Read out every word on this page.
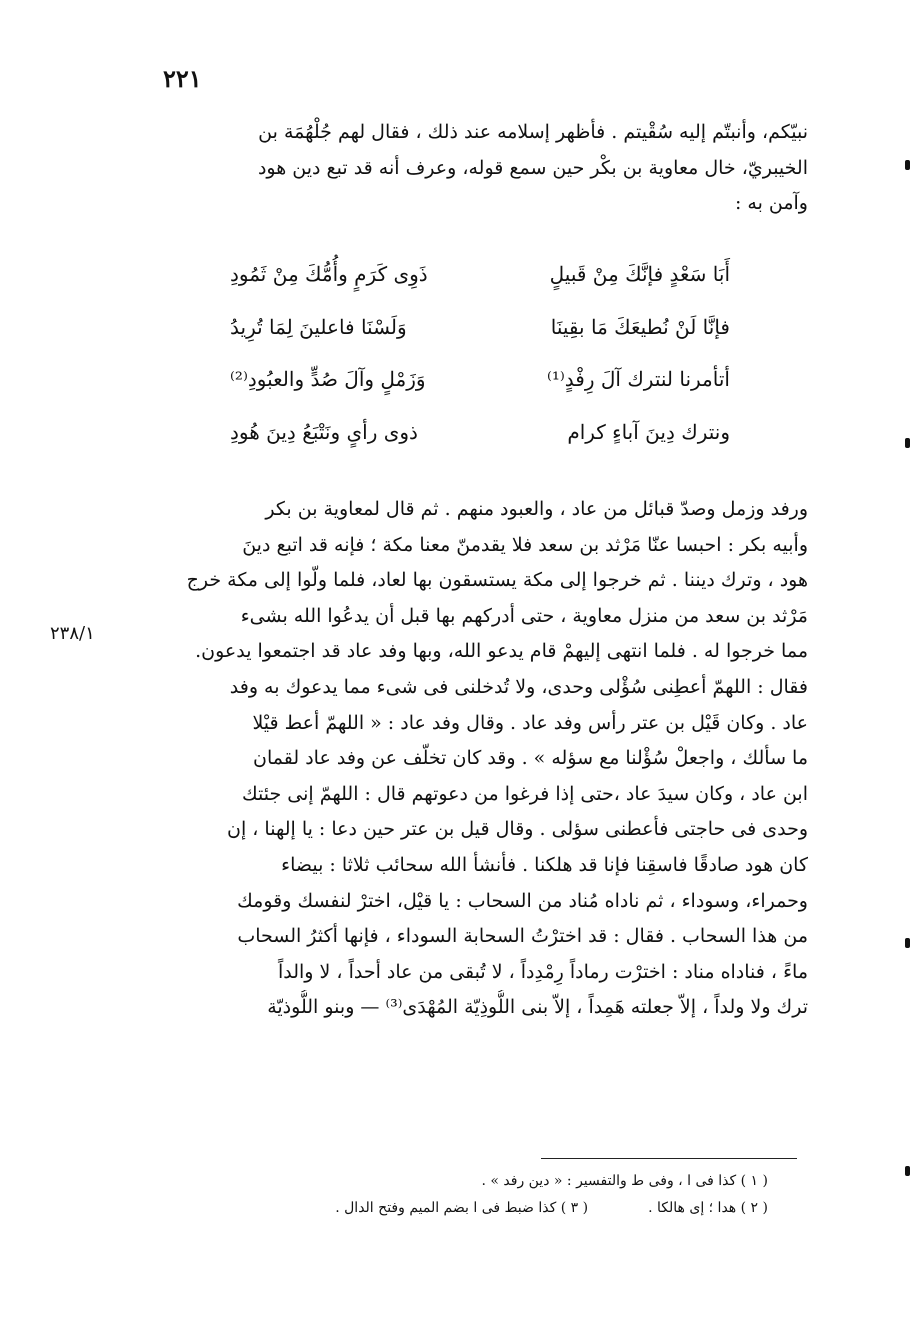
٢٢١
نبيّكم، وأنبتّم إليه سُقْيتم . فأظهر إسلامه عند ذلك ، فقال لهم جُلْهُمَة بن
الخيبريّ، خال معاوية بن بكْر حين سمع قوله، وعرف أنه قد تبع دين هود
وآمن به :
أَبَا سَعْدٍ فإنَّكَ مِنْ قَبيلٍ
ذَوِى كَرَمٍ وأُمُّكَ مِنْ ثَمُودِ
فإنَّا لَنْ نُطيعَكَ مَا بقِينَا
وَلَسْنَا فاعلينَ لِمَا تُرِيدُ
أتأمرنا لنترك آلَ رِفْدٍ⁽¹⁾
وَزَمْلٍ وآلَ صُدٍّ والعبُودِ⁽²⁾
ونترك دِينَ آباءٍ كرام
ذوى رأىٍ ونَتْبَعُ دِينَ هُودِ
ورفد وزمل وصدّ قبائل من عاد ، والعبود منهم . ثم قال لمعاوية بن بكر
وأبيه بكر : احبسا عنّا مَرْثد بن سعد فلا يقدمنّ معنا مكة ؛ فإنه قد اتبع دينَ
هود ، وترك ديننا . ثم خرجوا إلى مكة يستسقون بها لعاد، فلما ولّوا إلى مكة خرج
مَرْثد بن سعد من منزل معاوية ، حتى أدركهم بها قبل أن يدعُوا الله بشىء
مما خرجوا له . فلما انتهى إليهمْ قام يدعو الله، وبها وفد عاد قد اجتمعوا يدعون.
فقال : اللهمّ أعطِنى سُؤْلى وحدى، ولا تُدخلنى فى شىء مما يدعوك به وفد
عاد . وكان قَيْل بن عتر رأس وفد عاد . وقال وفد عاد : « اللهمّ أعط قيْلا
ما سألك ، واجعلْ سُؤْلنا مع سؤله » . وقد كان تخلّف عن وفد عاد لقمان
ابن عاد ، وكان سيدَ عاد ،حتى إذا فرغوا من دعوتهم قال : اللهمّ إنى جئتك
وحدى فى حاجتى فأعطنى سؤلى . وقال قيل بن عتر حين دعا : يا إلهنا ، إن
كان هود صادقًا فاسقِنا فإنا قد هلكنا . فأنشأ الله سحائب ثلاثا : بيضاء
وحمراء، وسوداء ، ثم ناداه مُناد من السحاب : يا قيْل، اخترْ لنفسك وقومك
من هذا السحاب . فقال : قد اخترْتُ السحابة السوداء ، فإنها أكثرُ السحاب
ماءً ، فناداه مناد : اخترْت رماداً رِمْدِداً ، لا تُبقى من عاد أحداً ، لا والداً
ترك ولا ولداً ، إلاّ جعلته هَمِداً ، إلاّ بنى اللُّوذِيّة المُهْدَى⁽³⁾ — وبنو اللُّوذيّة
٢٣٨/١
( ١ ) كذا فى ا ، وفى ط والتفسير : « دين رفد » .
( ٢ ) هدا ؛ إى هالكا .
( ٣ ) كذا ضبط فى ا بضم الميم وفتح الدال .
